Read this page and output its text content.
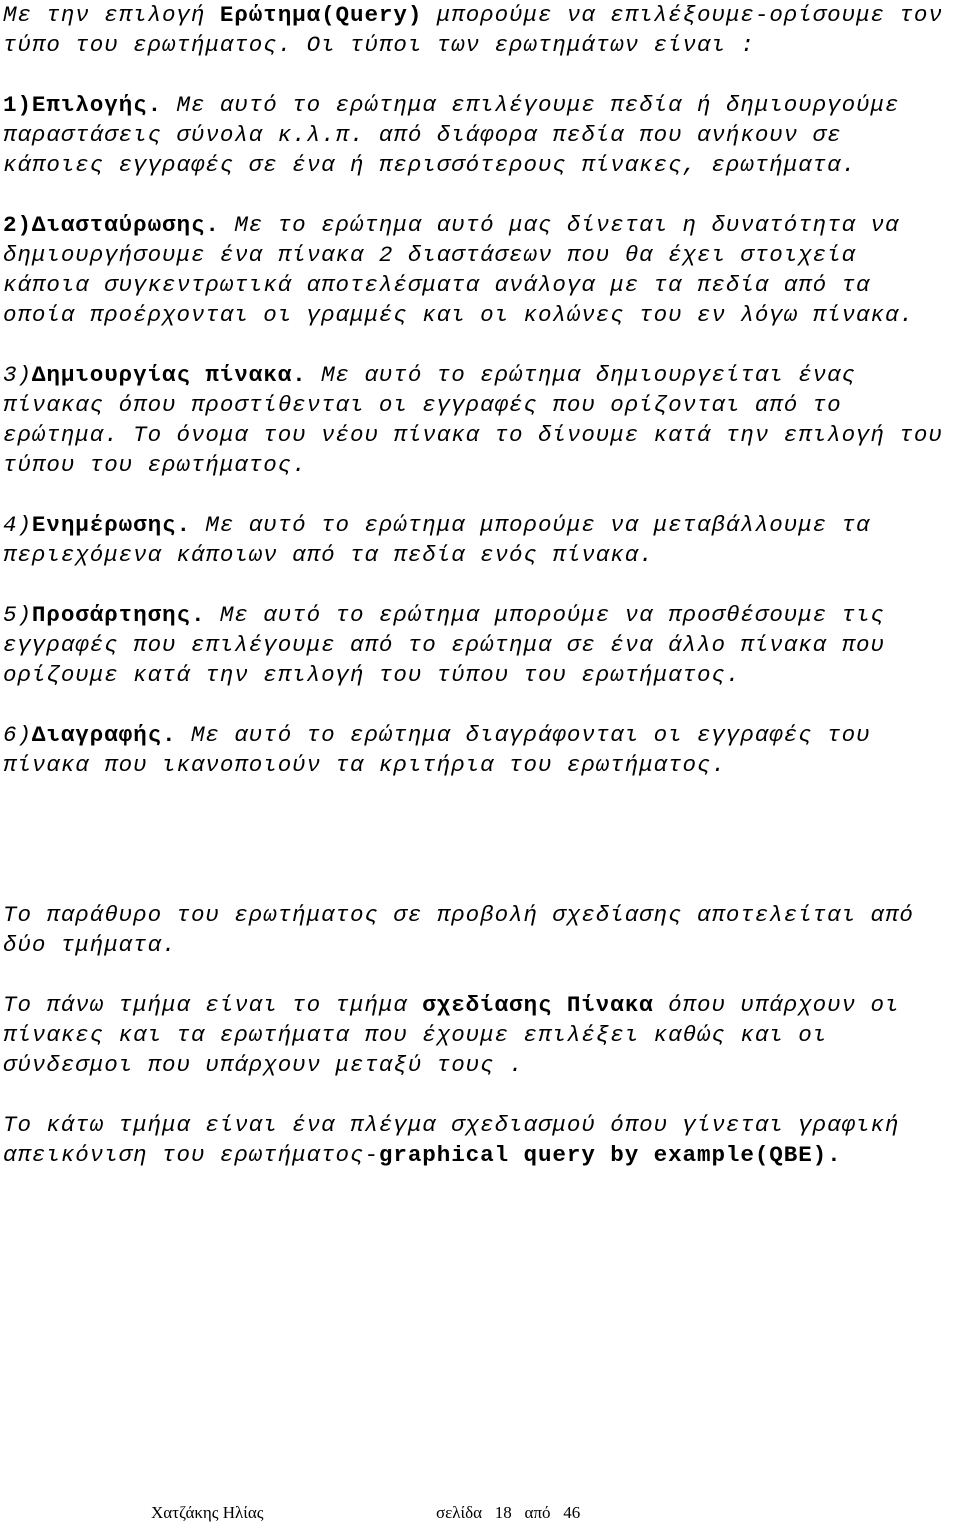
Με την επιλογή Ερώτημα(Query) μπορούμε να επιλέξουμε-ορίσουμε τον τύπο του ερωτήματος. Οι τύποι των ερωτημάτων είναι :

1)Επιλογής. Με αυτό το ερώτημα επιλέγουμε πεδία ή δημιουργούμε παραστάσεις σύνολα κ.λ.π. από διάφορα πεδία που ανήκουν σε κάποιες εγγραφές σε ένα ή περισσότερους πίνακες, ερωτήματα.

2)Διασταύρωσης. Με το ερώτημα αυτό μας δίνεται η δυνατότητα να δημιουργήσουμε ένα πίνακα 2 διαστάσεων που θα έχει στοιχεία κάποια συγκεντρωτικά αποτελέσματα ανάλογα με τα πεδία από τα οποία προέρχονται οι γραμμές και οι κολώνες του εν λόγω πίνακα.

3)Δημιουργίας πίνακα. Με αυτό το ερώτημα δημιουργείται ένας πίνακας όπου προστίθενται οι εγγραφές που ορίζονται από το ερώτημα. Το όνομα του νέου πίνακα το δίνουμε κατά την επιλογή του τύπου του ερωτήματος.

4)Ενημέρωσης. Με αυτό το ερώτημα μπορούμε να μεταβάλλουμε τα περιεχόμενα κάποιων από τα πεδία ενός πίνακα.

5)Προσάρτησης. Με αυτό το ερώτημα μπορούμε να προσθέσουμε τις εγγραφές που επιλέγουμε από το ερώτημα σε ένα άλλο πίνακα που ορίζουμε κατά την επιλογή του τύπου του ερωτήματος.

6)Διαγραφής. Με αυτό το ερώτημα διαγράφονται οι εγγραφές του πίνακα που ικανοποιούν τα κριτήρια του ερωτήματος.

Το παράθυρο του ερωτήματος σε προβολή σχεδίασης αποτελείται από δύο τμήματα.

Το πάνω τμήμα είναι το τμήμα σχεδίασης Πίνακα όπου υπάρχουν οι πίνακες και τα ερωτήματα που έχουμε επιλέξει καθώς και οι σύνδεσμοι που υπάρχουν μεταξύ τους .

Το κάτω τμήμα είναι ένα πλέγμα σχεδιασμού όπου γίνεται γραφική απεικόνιση του ερωτήματος-graphical query by example(QBE).

Χατζάκης Ηλίας	σελίδα   18   από   46
